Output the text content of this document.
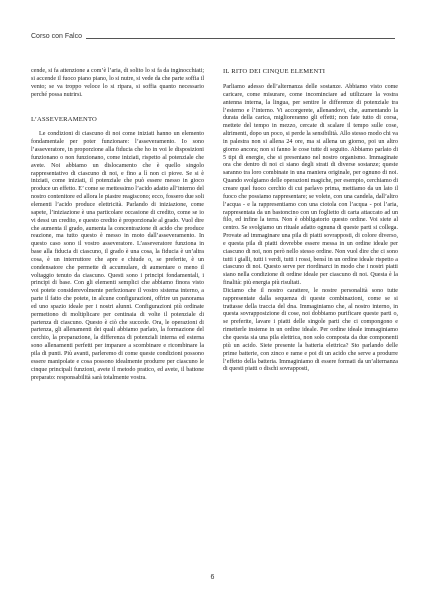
Corso con Falco

cende, si fa attenzione a com’è l’aria, di solito lo si fa da inginocchiati; si accende il fuoco piano piano, lo si nutre, si vede da che parte soffia il vento; se va troppo veloce lo si ripara, si soffia quanto necessario perché possa nutrirsi.

L’ASSEVERAMENTO

Le condizioni di ciascuno di noi come iniziati hanno un elemento fondamentale per poter funzionare: l’asseveramento. Io sono l’asseveratore, in proporzione alla fiducia che ho in voi le disposizioni funzionano o non funzionano, come iniziati, rispetto al potenziale che avete. Noi abbiamo un dislocamento che è quello singolo rappresentativo di ciascuno di noi, e fino a lì non ci piove. Se si è iniziati, come iniziati, il potenziale che può essere messo in gioco produce un effetto. E’ come se mettessimo l’acido adatto all’interno del nostro contenitore ed allora le piastre reagiscono; ecco, fossero due soli elementi l’acido produce elettricità. Parlando di iniziazione, come sapete, l’iniziazione è una particolare occasione di credito, come se io vi dessi un credito, e questo credito è proporzionale al grado. Vuol dire che aumenta il grado, aumenta la concentrazione di acido che produce reazione, ma tutto questo è messo in moto dall’asseveramento. In questo caso sono il vostro asseveratore. L’asseveratore funziona in base alla fiducia di ciascuno, il grado è una cosa, la fiducia è un’altra cosa, è un interruttore che apre e chiude o, se preferite, è un condensatore che permette di accumulare, di aumentare o meno il voltaggio tenuto da ciascuno. Questi sono i principi fondamentali, i principi di base. Con gli elementi semplici che abbiamo finora visto voi potete considerevolmente perfezionare il vostro sistema interno, a parte il fatto che potete, in alcune configurazioni, offrire un panorama ed uno spazio ideale per i nostri alunni. Configurazioni più ordinate permettono di moltiplicare per centinaia di volte il potenziale di partenza di ciascuno. Questo è ciò che succede. Ora, le operazioni di partenza, gli allenamenti dei quali abbiamo parlato, la formazione del cerchio, la preparazione, la differenza di potenziali interna ed esterna sono allenamenti perfetti per imparare a scombinare e ricombinare la pila di punti. Più avanti, parleremo di come queste condizioni possono essere manipolate e cosa possono idealmente produrre per ciascuno le cinque principali funzioni, avete il metodo pratico, ed avete, il battone preparato: responsabilità sarà totalmente vostra.

IL RITO DEI CINQUE ELEMENTI

Parliamo adesso dell’alternanza delle sostanze. Abbiamo visto come caricare, come misurare, come incominciare ad utilizzare la vostra antenna interna, la lingua, per sentire le differenze di potenziale tra l’esterno e l’interno. Vi accorgerete, allenandovi, che, aumentando la durata della carica, miglioreranno gli effetti; non fate tutto di corsa, mettete del tempo in mezzo, cercate di scalare il tempo sulle cose, altrimenti, dopo un poco, si perde la sensibilità. Allo stesso modo chi va in palestra non si allena 24 ore, ma si allena un giorno, poi un altro giorno ancora; non si fanno le cose tutte di seguito. Abbiamo parlato di 5 tipi di energie, che si presentano nel nostro organismo. Immaginate ora che dentro di noi ci siano degli strati di diverse sostanze; queste saranno tra loro combinate in una maniera originale, per ognuno di noi. Quando svolgiamo delle operazioni magiche, per esempio, cerchiamo di creare quel fuoco cerchio di cui parlavo prima, mettiamo da un lato il fuoco che possiamo rappresentare; se volete, con una candela, dall’altro l’acqua - e la rappresentiamo con una ciotola con l’acqua - poi l’aria, rappresentata da un bastoncino con un foglietto di carta attaccato ad un filo, ed infine la terra. Non è obbligatorio questo ordine. Voi siete al centro. Se svolgiamo un rituale adatto ognuna di queste parti si collega. Provate ad immaginare una pila di piatti sovrapposti, di colore diverso, e questa pila di piatti dovrebbe essere messa in un ordine ideale per ciascuno di noi, non però nello stesso ordine. Non vuol dire che ci sono tutti i gialli, tutti i verdi, tutti i rossi, bensì in un ordine ideale rispetto a ciascuno di noi. Questo serve per riordinarci in modo che i nostri piatti siano nella condizione di ordine ideale per ciascuno di noi. Questa è la finalità: più energia più risultati.

Diciamo che il nostro carattere, le nostre personalità sono tutte rappresentate dalla sequenza di queste combinazioni, come se si trattasse della traccia del dna. Immaginiamo che, al nostro interno, in questa sovrapposizione di cose, noi dobbiamo purificare queste parti o, se preferite, lavare i piatti delle singole parti che ci compongono e rimetterle insieme in un ordine ideale. Per ordine ideale immaginiamo che questa sia una pila elettrica, non solo composta da due componenti più un acido. Siete presente la batteria elettrica? Sto parlando delle prime batterie, con zinco e rame e poi di un acido che serve a produrre l’effetto della batteria. Immaginiamo di essere formati da un’alternanza di questi piatti o dischi sovrapposti,

6
